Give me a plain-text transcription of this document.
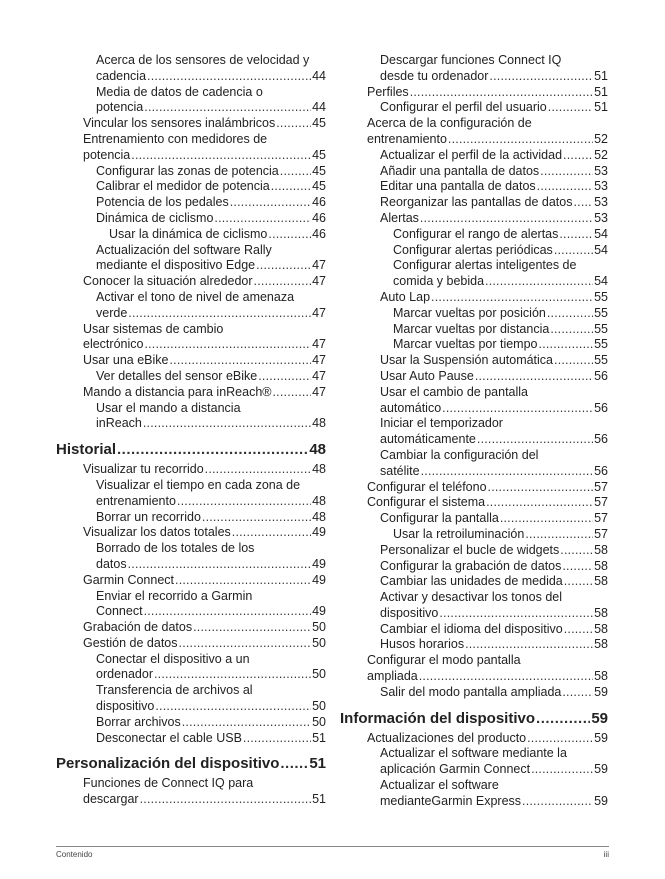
Acerca de los sensores de velocidad y
cadencia .....	44
Media de datos de cadencia o
potencia .....	44
Vincular los sensores inalámbricos .....	45
Entrenamiento con medidores de
potencia .....	45
Configurar las zonas de potencia .....	45
Calibrar el medidor de potencia .....	45
Potencia de los pedales .....	46
Dinámica de ciclismo .....	46
Usar la dinámica de ciclismo .....	46
Actualización del software Rally
mediante el dispositivo Edge .....	47
Conocer la situación alrededor .....	47
Activar el tono de nivel de amenaza
verde .....	47
Usar sistemas de cambio
electrónico .....	47
Usar una eBike .....	47
Ver detalles del sensor eBike .....	47
Mando a distancia para inReach® .....	47
Usar el mando a distancia
inReach .....	48
Historial .....	48
Visualizar tu recorrido .....	48
Visualizar el tiempo en cada zona de
entrenamiento .....	48
Borrar un recorrido .....	48
Visualizar los datos totales .....	49
Borrado de los totales de los
datos .....	49
Garmin Connect .....	49
Enviar el recorrido a Garmin
Connect .....	49
Grabación de datos .....	50
Gestión de datos .....	50
Conectar el dispositivo a un
ordenador .....	50
Transferencia de archivos al
dispositivo .....	50
Borrar archivos .....	50
Desconectar el cable USB .....	51
Personalización del dispositivo ..... 51
Funciones de Connect IQ para
descargar .....	51
Descargar funciones Connect IQ
desde tu ordenador .....	51
Perfiles .....	51
Configurar el perfil del usuario .....	51
Acerca de la configuración de
entrenamiento .....	52
Actualizar el perfil de la actividad .....	52
Añadir una pantalla de datos .....	53
Editar una pantalla de datos .....	53
Reorganizar las pantallas de datos ..... 53
Alertas .....	53
Configurar el rango de alertas .....	54
Configurar alertas periódicas .....	54
Configurar alertas inteligentes de
comida y bebida .....	54
Auto Lap .....	55
Marcar vueltas por posición .....	55
Marcar vueltas por distancia .....	55
Marcar vueltas por tiempo .....	55
Usar la Suspensión automática .....	55
Usar Auto Pause .....	56
Usar el cambio de pantalla
automático .....	56
Iniciar el temporizador
automáticamente .....	56
Cambiar la configuración del
satélite .....	56
Configurar el teléfono .....	57
Configurar el sistema .....	57
Configurar la pantalla .....	57
Usar la retroiluminación .....	57
Personalizar el bucle de widgets .....	58
Configurar la grabación de datos .....	58
Cambiar las unidades de medida .....	58
Activar y desactivar los tonos del
dispositivo .....	58
Cambiar el idioma del dispositivo .....	58
Husos horarios .....	58
Configurar el modo pantalla
ampliada .....	58
Salir del modo pantalla ampliada .....	59
Información del dispositivo .....	59
Actualizaciones del producto .....	59
Actualizar el software mediante la
aplicación Garmin Connect .....	59
Actualizar el software
medianteGarmin Express .....	59
Contenido	iii
